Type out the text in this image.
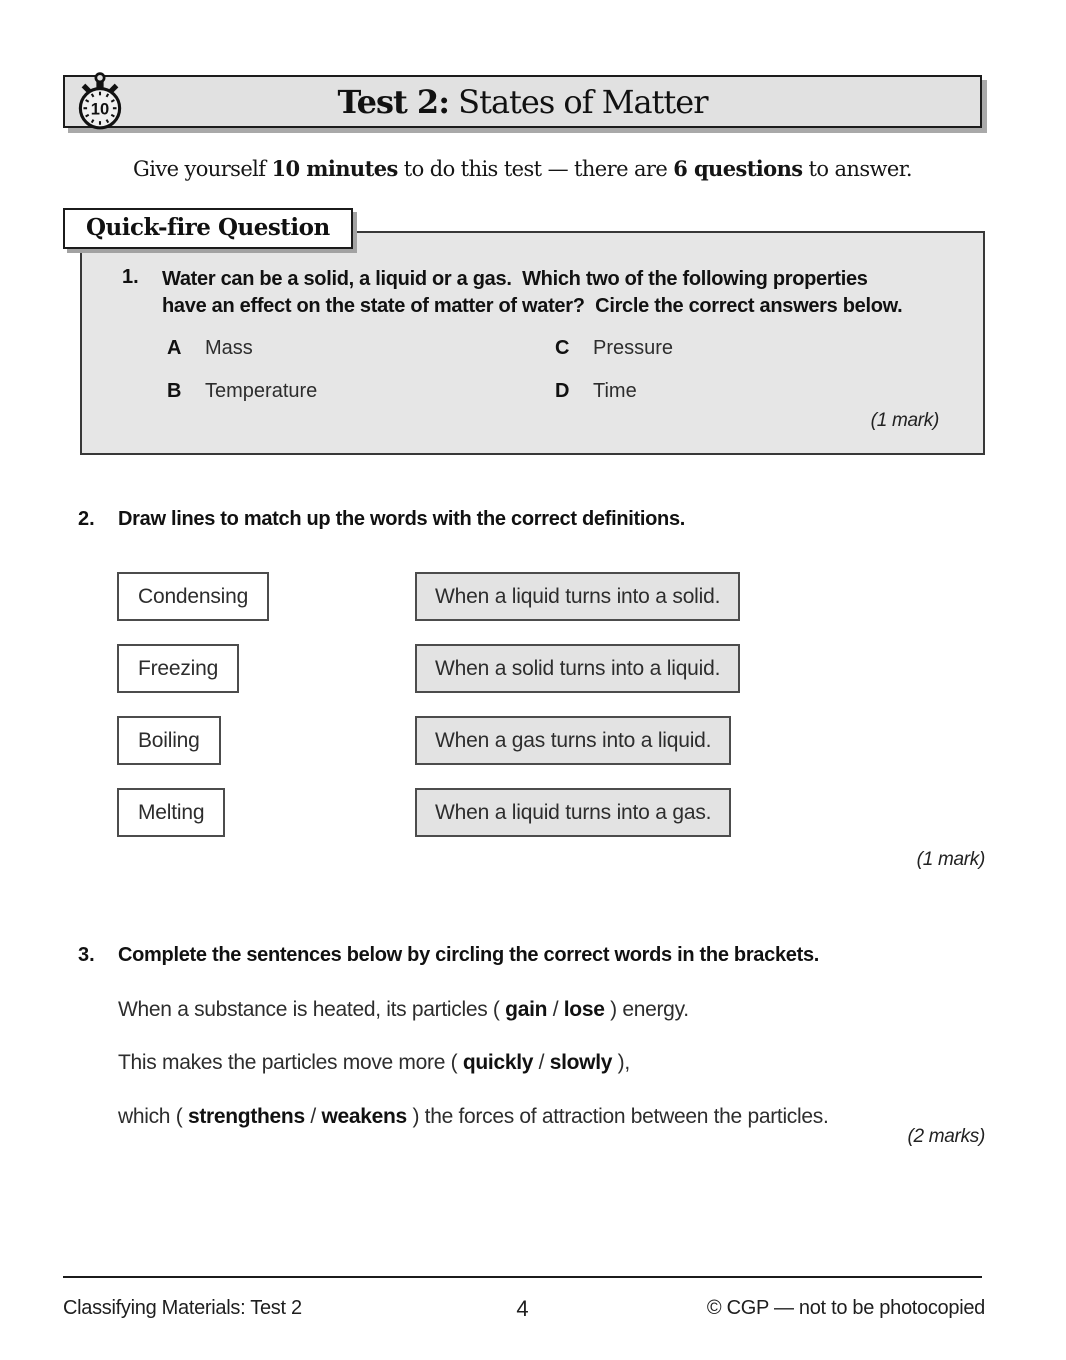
10	Test 2: States of Matter
Give yourself 10 minutes to do this test — there are 6 questions to answer.
Quick-fire Question
1. Water can be a solid, a liquid or a gas.  Which two of the following properties
have an effect on the state of matter of water?  Circle the correct answers below.
A Mass
B Temperature
C Pressure
D Time
(1 mark)

2.

Draw lines to match up the words with the correct definitions.

Condensing
Freezing
Boiling
Melting
When a liquid turns into a solid.
When a solid turns into a liquid.
When a gas turns into a liquid.
When a liquid turns into a gas.
(1 mark)

3.

Complete the sentences below by circling the correct words in the brackets.

When a substance is heated, its particles ( gain / lose ) energy.
This makes the particles move more ( quickly / slowly ),
which ( strengthens / weakens ) the forces of attraction between the particles.
(2 marks)
Classifying Materials: Test 2	4	© CGP — not to be photocopied
